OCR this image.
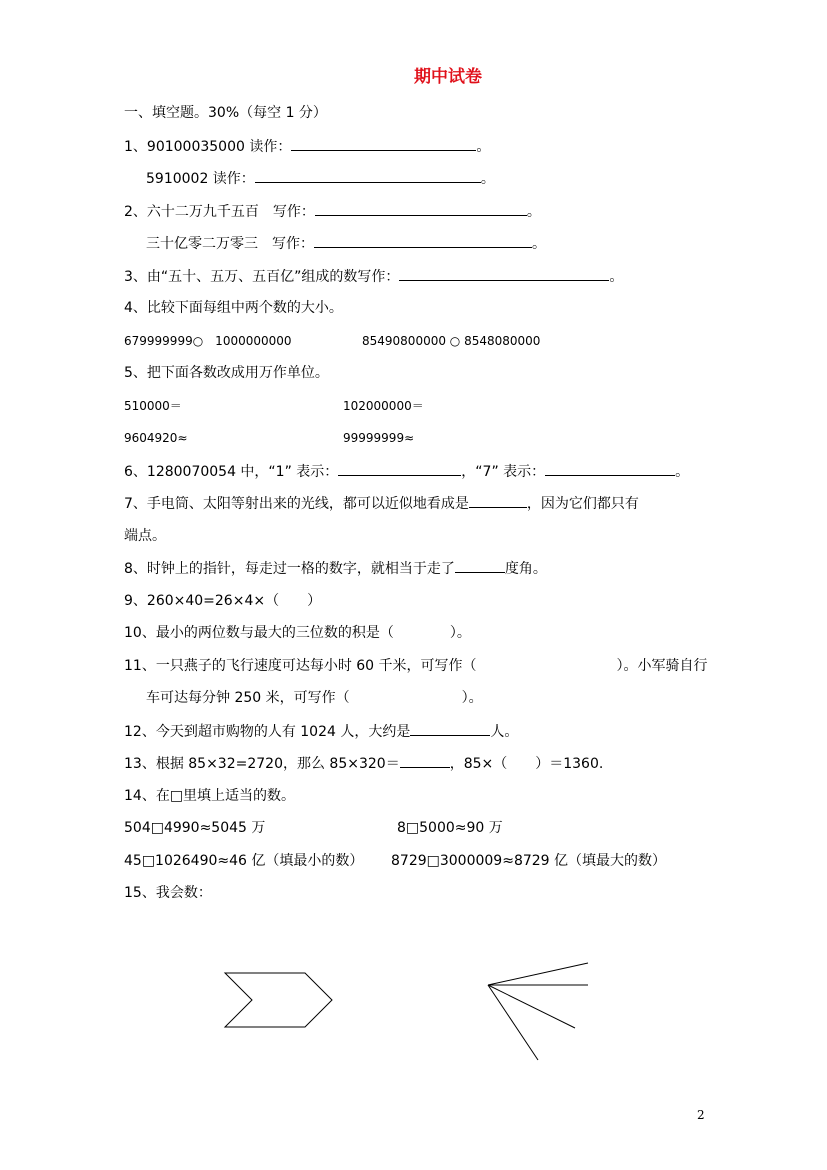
期中试卷
一、填空题。30%（每空 1 分）
1、90100035000 读作：	。
5910002 读作：	。
2、六十二万九千五百　写作：	。
三十亿零二万零三　写作：	。
3、由“五十、五万、五百亿”组成的数写作：	。
4、比较下面每组中两个数的大小。
679999999○　1000000000	85490800000 ○ 8548080000
5、把下面各数改成用万作单位。
510000＝	102000000＝
9604920≈	99999999≈
6、1280070054 中，“1” 表示：	，“7” 表示：	。
7、手电筒、太阳等射出来的光线，都可以近似地看成是	，因为它们都只有
端点。
8、时钟上的指针，每走过一格的数字，就相当于走了	度角。
9、260×40=26×4×（　　）
10、最小的两位数与最大的三位数的积是（　　　　）。
11、一只燕子的飞行速度可达每小时 60 千米，可写作（　　　　　　　　　　）。小军骑自行
车可达每分钟 250 米，可写作（　　　　　　　　）。
12、今天到超市购物的人有 1024 人，大约是	人。
13、根据 85×32=2720，那么 85×320＝	，85×（　　）＝1360.
14、在□里填上适当的数。
504□4990≈5045 万	8□5000≈90 万
45□1026490≈46 亿（填最小的数） 8729□3000009≈8729 亿（填最大的数）
15、我会数：
2
